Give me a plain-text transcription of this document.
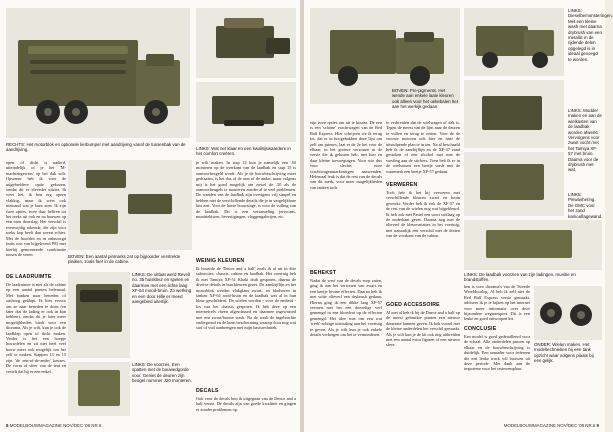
RECHTS: Het motorblok en optionele lierbumper met aandrijving vanaf de tussenbak van de aandrijving.	LINKS: Wat net klaar en een kwalitijswaardere in het comfort creëren.
open of dicht is naderd, uiteindelijk of je het 'M-machinegeweer' op het dak wilt. Opsomer heb ik voor de uitgebreidere optie gekozen, omdat dit er eleveder uitziet. Ik weet het, ik ben erg opeen vlakkig, maar ik weet ook niemand wat je kunt zien. Ik zijn twee opties, twee daar helfren tot het reeks uit ook en na bouwen op een oren doorslag. Het verschil is evenwijdig rokende, die zijn voor toehs kop beelt dan zoven echter. Met de hoofdrit en in onbezorgd (mits rots van bijgeleverd PE) met hierbij gemonteerde combinatie tussen de veren.	BOVEN: Een aantal pinmarks zat op bijpoorder verstrekte plaiken, zoals hier in de cabine.
DE LAADRUIMTE
De laadruimte is niet als de cabine op een aantal punten helemaal. Met banken naar beneden of omhoog geklapt. Ik kies ervoor om ze naar beneden te doen (en later dus de lading er ook in kan hebben), omdat dit je later meer mogelijkheden biedt voor een diorama. Als je wilt, kun je ook de laadklep open of dicht maken. Verder is het een hoepje bouwdelen en zit niet heel veel bouw meer ook mogelijk om het zelf te maken. Stappen 13 en 15 zijn 'de een-of-de-ander' keuzes. De vorm of sfeer van de tent en vertelt dat hij er een enkel.
LINKS: De uitlaat werd Revell no. 35 huiskleur en spelen en daarmee met een lichte laag XF-64 mood-bruin. Zo werking en een door Hille er meed aangebied uitertijk.
LINKS: De voorzes. Een spatten met de bouwedgorde voor. Geniet de deuren zijn beogel nummer J20 monteren.
je wilt maken. In stap 12 kun je namelijk een .50 monteren op de overkant van de laadbak en stap 15 is aanvoorbesgeld wordt. Als je de bouwbeschrijving moet gedraaien, is het dus of de aars of de ander, maar volgens mij is het goed mogelijk om zowel de .50 als de aanvoorbeugels te monteren zonder al te veel problemen. De wanden van de laadbak zijn overigens vrij simpel en hebben niet de verschillende details die je in vergelijkbare kits ziet. Voor de latere bouwstage, is voor de vulling van de laadbak. Dit is een verzameling jerrycans, munitiekisten, bevestigingen, vlaggengalerijen, etc.
WEINIG KLEUREN
Ik bouwde de 'Deuce and a half' zoals ik al uit in drie subsecties: chassis, cabine en laadbak. Het voertuig heb ik met Tamiya XF-51 Khaki drab gespoten, daarna de diverse details in hun kleuren gezet. De aandrijflijn en het motorblok werden vlakglans zwart, en bladveren in tanken XF-64 rood-bruin en de laadbak was al in hun kleur geschilderd. De wielen werden - voor de netheid - los van het chassis gespoten. Ik heb deze op een internetcelv rbeen afgeschuurd en daarmee ingewassed met een zwart/bruine wash. Na de wash de ingebrachte ondergrond en de leem bescherming waarop door nog wat stof of vuil aanbrengen met mijn basistechniek.
DECALS
Ook voor de decals ben ik uitgegaan van de Deuce and a half versie. De decals zijn van goede kwaliteit en gingen er zonder problemen op.
8 MODELBOUWMAGAZINE NOV/DEC '08 NR.6
BOVEN: Pre-pigments. Het wende aan enkele laaie kleuren ook alleen voor het oekebalen het aan het werkijk gedaan.
LINKS: Dieselbemonsteringen. Met een kleine wash met daarna drybrush van een metallic in de rijdende delen opgelegd is in ideaal gevoegd te worden.
LINKS: Modder maken en aan de wielkasten van de laadbak worden afwerkt. Vervolgens voor zwart vocht met het Tamiya XF-57 met bruin. Daarna voor de drybrush met wat.
zijn twee opties om uit te kiezen. De een is een 'schone' vrachtwagen van de Red Ball Express. Hier schrijven we ik terug tot, dat er in hoogebakken deze lijst om zelf om prinses, laat er de 2e het voor de elkaar, in het grotere verzonen in de versie die ik gekozen heb, met hier en daar kleine toevoegingen. Voor wie dus voor slechts twee vrachtwagenmarkeringen aanwenden. Helemaal leuk is dat de rest van de decals van dit merk, voor meer mogelijkheden van tanken toch.
BEHEKST
Nadat de werf van de decals erop zaten, ging ik aan het verweren van zwart en een beetje bruine effecten. Daarna heb ik met witte olieverf een drybrush gedaan. Hierna ging ik een dikke laag XF-57 vermen met het een doezelige verf gemengd in een bloedvat op de effecten gemengd. Het idee was om een wat 'werk'-achtige uitstraling aan het voertuig te geven. Als je wilt kun je ook enkele details verbergen om het te verminderen.
te verbreiden dat de wielwagen of dak is. Tegen de meest van de lijm naar de deuren te vullen en terug te zetten. Voor de de voorste motoren ook hier en naar de uitstulpende plan te in ten. Na al beschaafd heb ik de aandrijflijn en de XF-37 zand gestoken of een alcohol met met de voeding aan de stickers. Toen heb ik er in de wielsassen een beetje wash met de waarmerk een beetje XF-57 gedaan.
VERWEREN
Toch heb ik het bij verweren met verschillende kleuren zwart en bruin gewerkt. Verder heb ik ook de XF-57 en de rest van de wielen nog wat bijgekleurd. Ik heb ook met Pastel een soort stoflaag op de onderkant gezet. Daarna nog met de olieverf de kleurvariaties in het voertuig, met natuurlijk een verschil met de dotten van de voorkant van de cabine.
GOED ACCESSOIRE
Al met al heb ik bij de Duece and a half op de meest gebruikte punten een nieuwe dimensie kunnen geven. Ik heb vooral met de kleine onderdelen het verschil gemaakt. Als je wilt kun je de kit ook nog uitbreiden met een aantal extra figuren of een nieuwe sfeer.
LINKS: Pinwashering. De GMC voor het zand kamouflagewand.
LINKS: De laadbak voorzien van zijn ladingen, munitie en brandstoffen.
ken is voor diorama's van de Tweede Wereldoorlog. Al heb ik zelf niet de Red Ball Express versie gemaakt, adviseer ik je te kijken op het internet voor meer informatie over deze bijzondere wegtransport. Dit is een leuke en goed ontworpen kit.
CONCLUSIE
Een model is goed gedetailleerd voor de schaal. Alle onderdelen passen op elkaar en de bouwbeschrijving is duidelijk. Een aanrader voor iedereen die een leuke truck wil bouwen uit deze periode. Met dank aan de importeur voor het testexemplaar.
ONDER: Wielen maken. Het modeltechnieken bij een tank opzicht waar volgens plaats bij een gelijk.
MODELBOUWMAGAZINE NOV/DEC '08 NR.6 9
